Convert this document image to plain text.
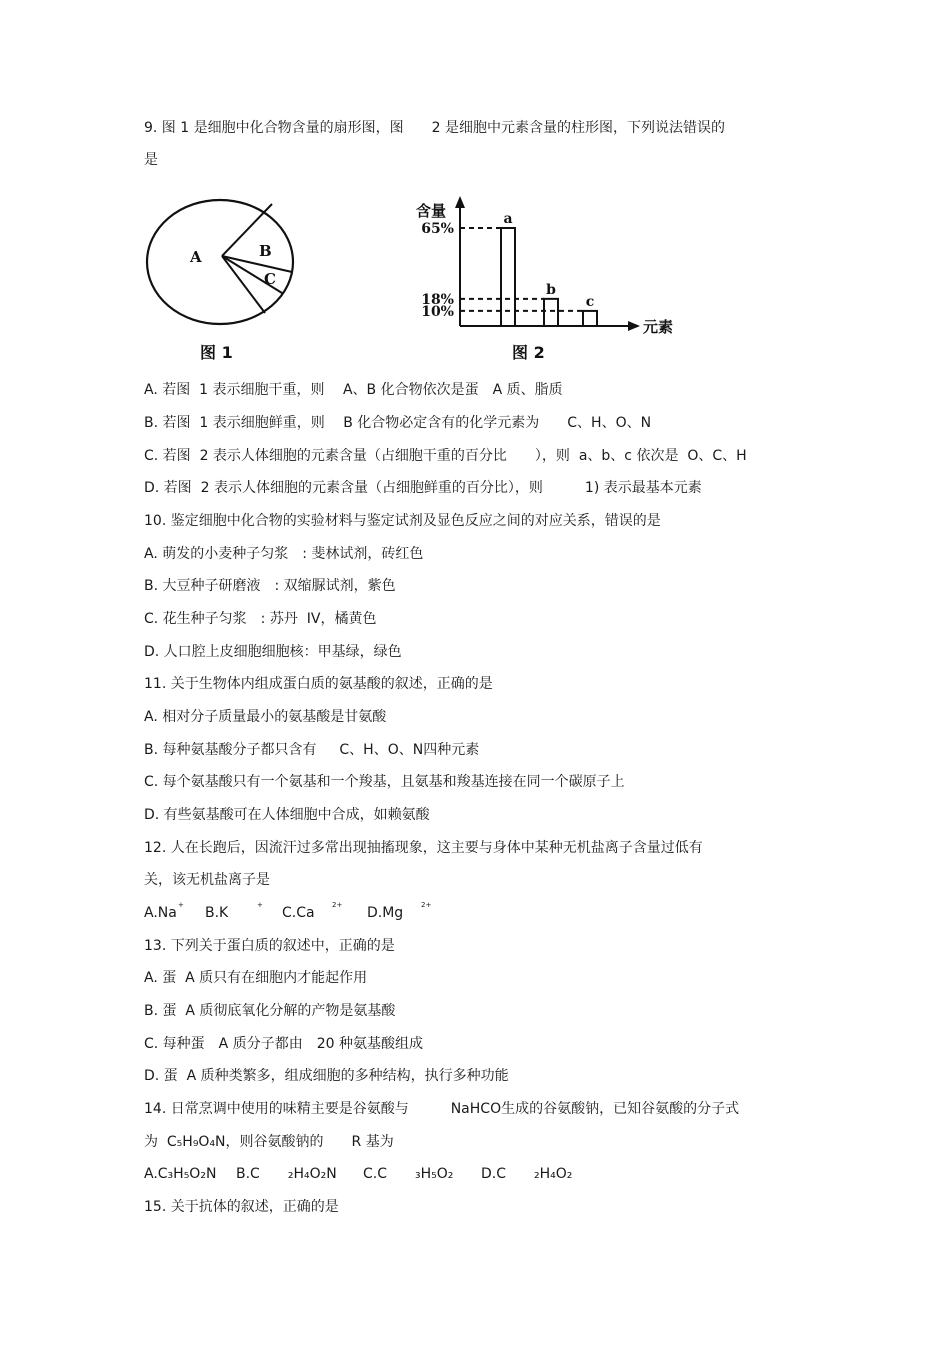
9. 图 1 是细胞中化合物含量的扇形图，图　　2 是细胞中元素含量的柱形图，下列说法错误的
是
A	B
C
图 1
含量
元素
a
65%
b
18%	c
10%
图 2
A. 若图  1 表示细胞干重，则　 A、B 化合物依次是蛋　A 质、脂质
B. 若图  1 表示细胞鲜重，则　 B 化合物必定含有的化学元素为　　C、H、O、N
C. 若图  2 表示人体细胞的元素含量（占细胞干重的百分比　　），则  a、b、c 依次是  O、C、H
D. 若图  2 表示人体细胞的元素含量（占细胞鲜重的百分比），则　　　1) 表示最基本元素
10. 鉴定细胞中化合物的实验材料与鉴定试剂及显色反应之间的对应关系，错误的是
A. 萌发的小麦种子匀浆　: 斐林试剂，砖红色
B. 大豆种子研磨液　: 双缩脲试剂，紫色
C. 花生种子匀浆　: 苏丹  IV，橘黄色
D. 人口腔上皮细胞细胞核：甲基绿，绿色
11. 关于生物体内组成蛋白质的氨基酸的叙述，正确的是
A. 相对分子质量最小的氨基酸是甘氨酸
B. 每种氨基酸分子都只含有　  C、H、O、N四种元素
C. 每个氨基酸只有一个氨基和一个羧基，且氨基和羧基连接在同一个碳原子上
D. 有些氨基酸可在人体细胞中合成，如赖氨酸
12. 人在长跑后，因流汗过多常出现抽搐现象，这主要与身体中某种无机盐离子含量过低有
关，该无机盐离子是
A.Na + B.K	+ C.Ca 2+ D.Mg	2+
13. 下列关于蛋白质的叙述中，正确的是
A. 蛋  A 质只有在细胞内才能起作用
B. 蛋  A 质彻底氧化分解的产物是氨基酸
C. 每种蛋　A 质分子都由　20 种氨基酸组成
D. 蛋  A 质种类繁多，组成细胞的多种结构，执行多种功能
14. 日常烹调中使用的味精主要是谷氨酸与　　　NaHCO生成的谷氨酸钠，已知谷氨酸的分子式
为  C₅H₉O₄N，则谷氨酸钠的　　R 基为
A.C₃H₅O₂N B.C　　₂H₄O₂N C.C　　₃H₅O₂ D.C　　₂H₄O₂
15. 关于抗体的叙述，正确的是
